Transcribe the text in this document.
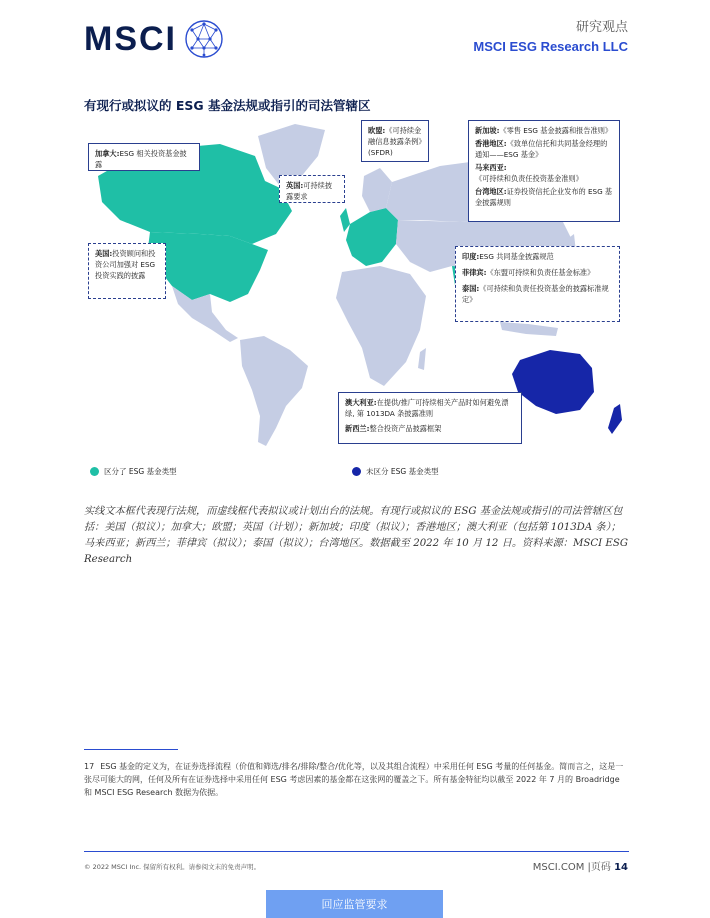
MSCI	研究观点
MSCI ESG Research LLC
有现行或拟议的 ESG 基金法规或指引的司法管辖区
加拿大:ESG 相关投资基金披露
美国:投资顾问和投资公司加强对 ESG 投资实践的披露
欧盟:《可持续金融信息披露条例》(SFDR)
英国:可持续披露要求
新加坡:《零售 ESG 基金披露和报告准则》
香港地区:《致单位信托和共同基金经理的通知——ESG 基金》
马来西亚:《可持续和负责任投资基金准则》
台湾地区:证券投资信托企业发布的 ESG 基金披露规则
印度:ESG 共同基金披露规范
菲律宾:《东盟可持续和负责任基金标准》
泰国:《可持续和负责任投资基金的披露标准规定》
澳大利亚:在提供/推广可持续相关产品时如何避免漂绿, 第 1013DA 条披露准则
新西兰:整合投资产品披露框架
区分了 ESG 基金类型	未区分 ESG 基金类型
实线文本框代表现行法规，而虚线框代表拟议或计划出台的法规。有现行或拟议的 ESG 基金法规或指引的司法管辖区包括：美国（拟议）；加拿大；欧盟；英国（计划）；新加坡；印度（拟议）；香港地区；澳大利亚（包括第 1013DA 条）；马来西亚；新西兰；菲律宾（拟议）；泰国（拟议）；台湾地区。数据截至 2022 年 10 月 12 日。资料来源：MSCI ESG Research
17 ESG 基金的定义为，在证券选择流程（价值和筛选/排名/排除/整合/优化等，以及其组合流程）中采用任何 ESG 考量的任何基金。简而言之，这是一张尽可能大的网，任何及所有在证券选择中采用任何 ESG 考虑因素的基金都在这张网的覆盖之下。所有基金特征均以截至 2022 年 7 月的 Broadridge 和 MSCI ESG Research 数据为依据。
© 2022 MSCI Inc. 保留所有权利。请参阅文末的免责声明。	MSCI.COM |页码 14
回应监管要求
